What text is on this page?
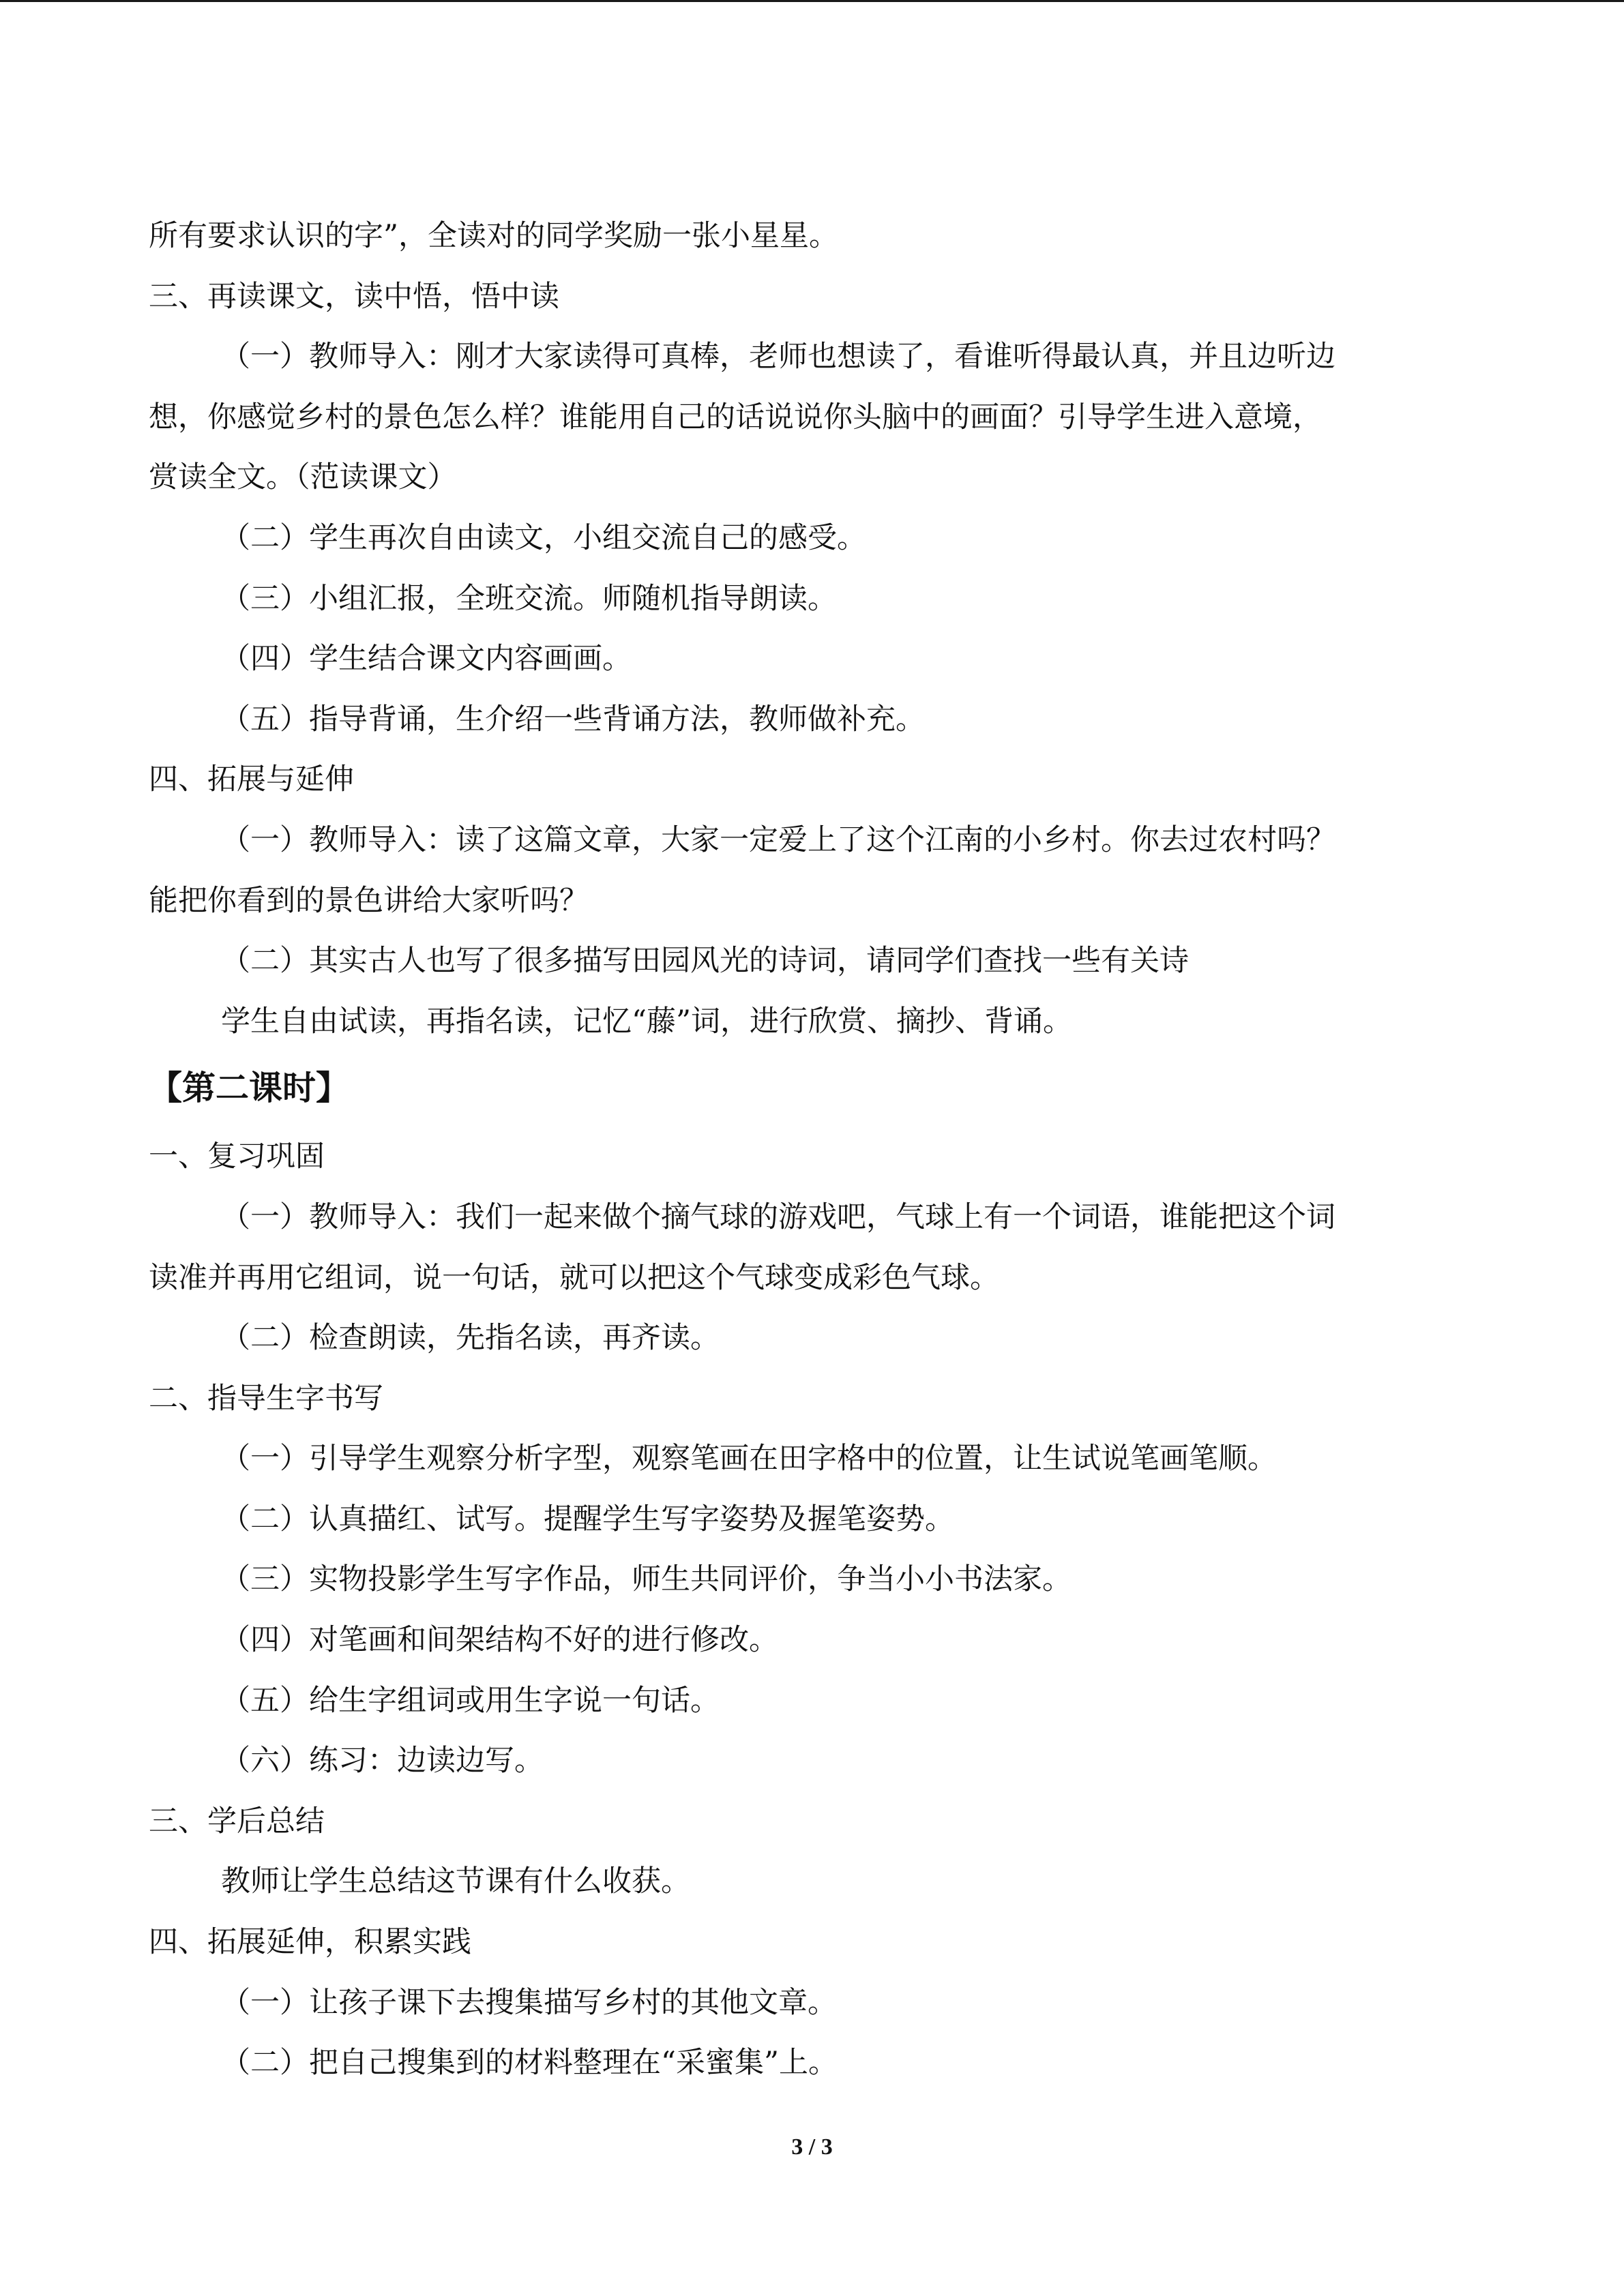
所有要求认识的字”，全读对的同学奖励一张小星星。
三、再读课文，读中悟，悟中读
（一）教师导入：刚才大家读得可真棒，老师也想读了，看谁听得最认真，并且边听边
想，你感觉乡村的景色怎么样？谁能用自己的话说说你头脑中的画面？引导学生进入意境，
赏读全文。（范读课文）
（二）学生再次自由读文，小组交流自己的感受。
（三）小组汇报，全班交流。师随机指导朗读。
（四）学生结合课文内容画画。
（五）指导背诵，生介绍一些背诵方法，教师做补充。
四、拓展与延伸
（一）教师导入：读了这篇文章，大家一定爱上了这个江南的小乡村。你去过农村吗？
能把你看到的景色讲给大家听吗？
（二）其实古人也写了很多描写田园风光的诗词，请同学们查找一些有关诗
学生自由试读，再指名读，记忆“藤”词，进行欣赏、摘抄、背诵。
【第二课时】
一、复习巩固
（一）教师导入：我们一起来做个摘气球的游戏吧，气球上有一个词语，谁能把这个词
读准并再用它组词，说一句话，就可以把这个气球变成彩色气球。
（二）检查朗读，先指名读，再齐读。
二、指导生字书写
（一）引导学生观察分析字型，观察笔画在田字格中的位置，让生试说笔画笔顺。
（二）认真描红、试写。提醒学生写字姿势及握笔姿势。
（三）实物投影学生写字作品，师生共同评价，争当小小书法家。
（四）对笔画和间架结构不好的进行修改。
（五）给生字组词或用生字说一句话。
（六）练习：边读边写。
三、学后总结
教师让学生总结这节课有什么收获。
四、拓展延伸，积累实践
（一）让孩子课下去搜集描写乡村的其他文章。
（二）把自己搜集到的材料整理在“采蜜集”上。
3 / 3
